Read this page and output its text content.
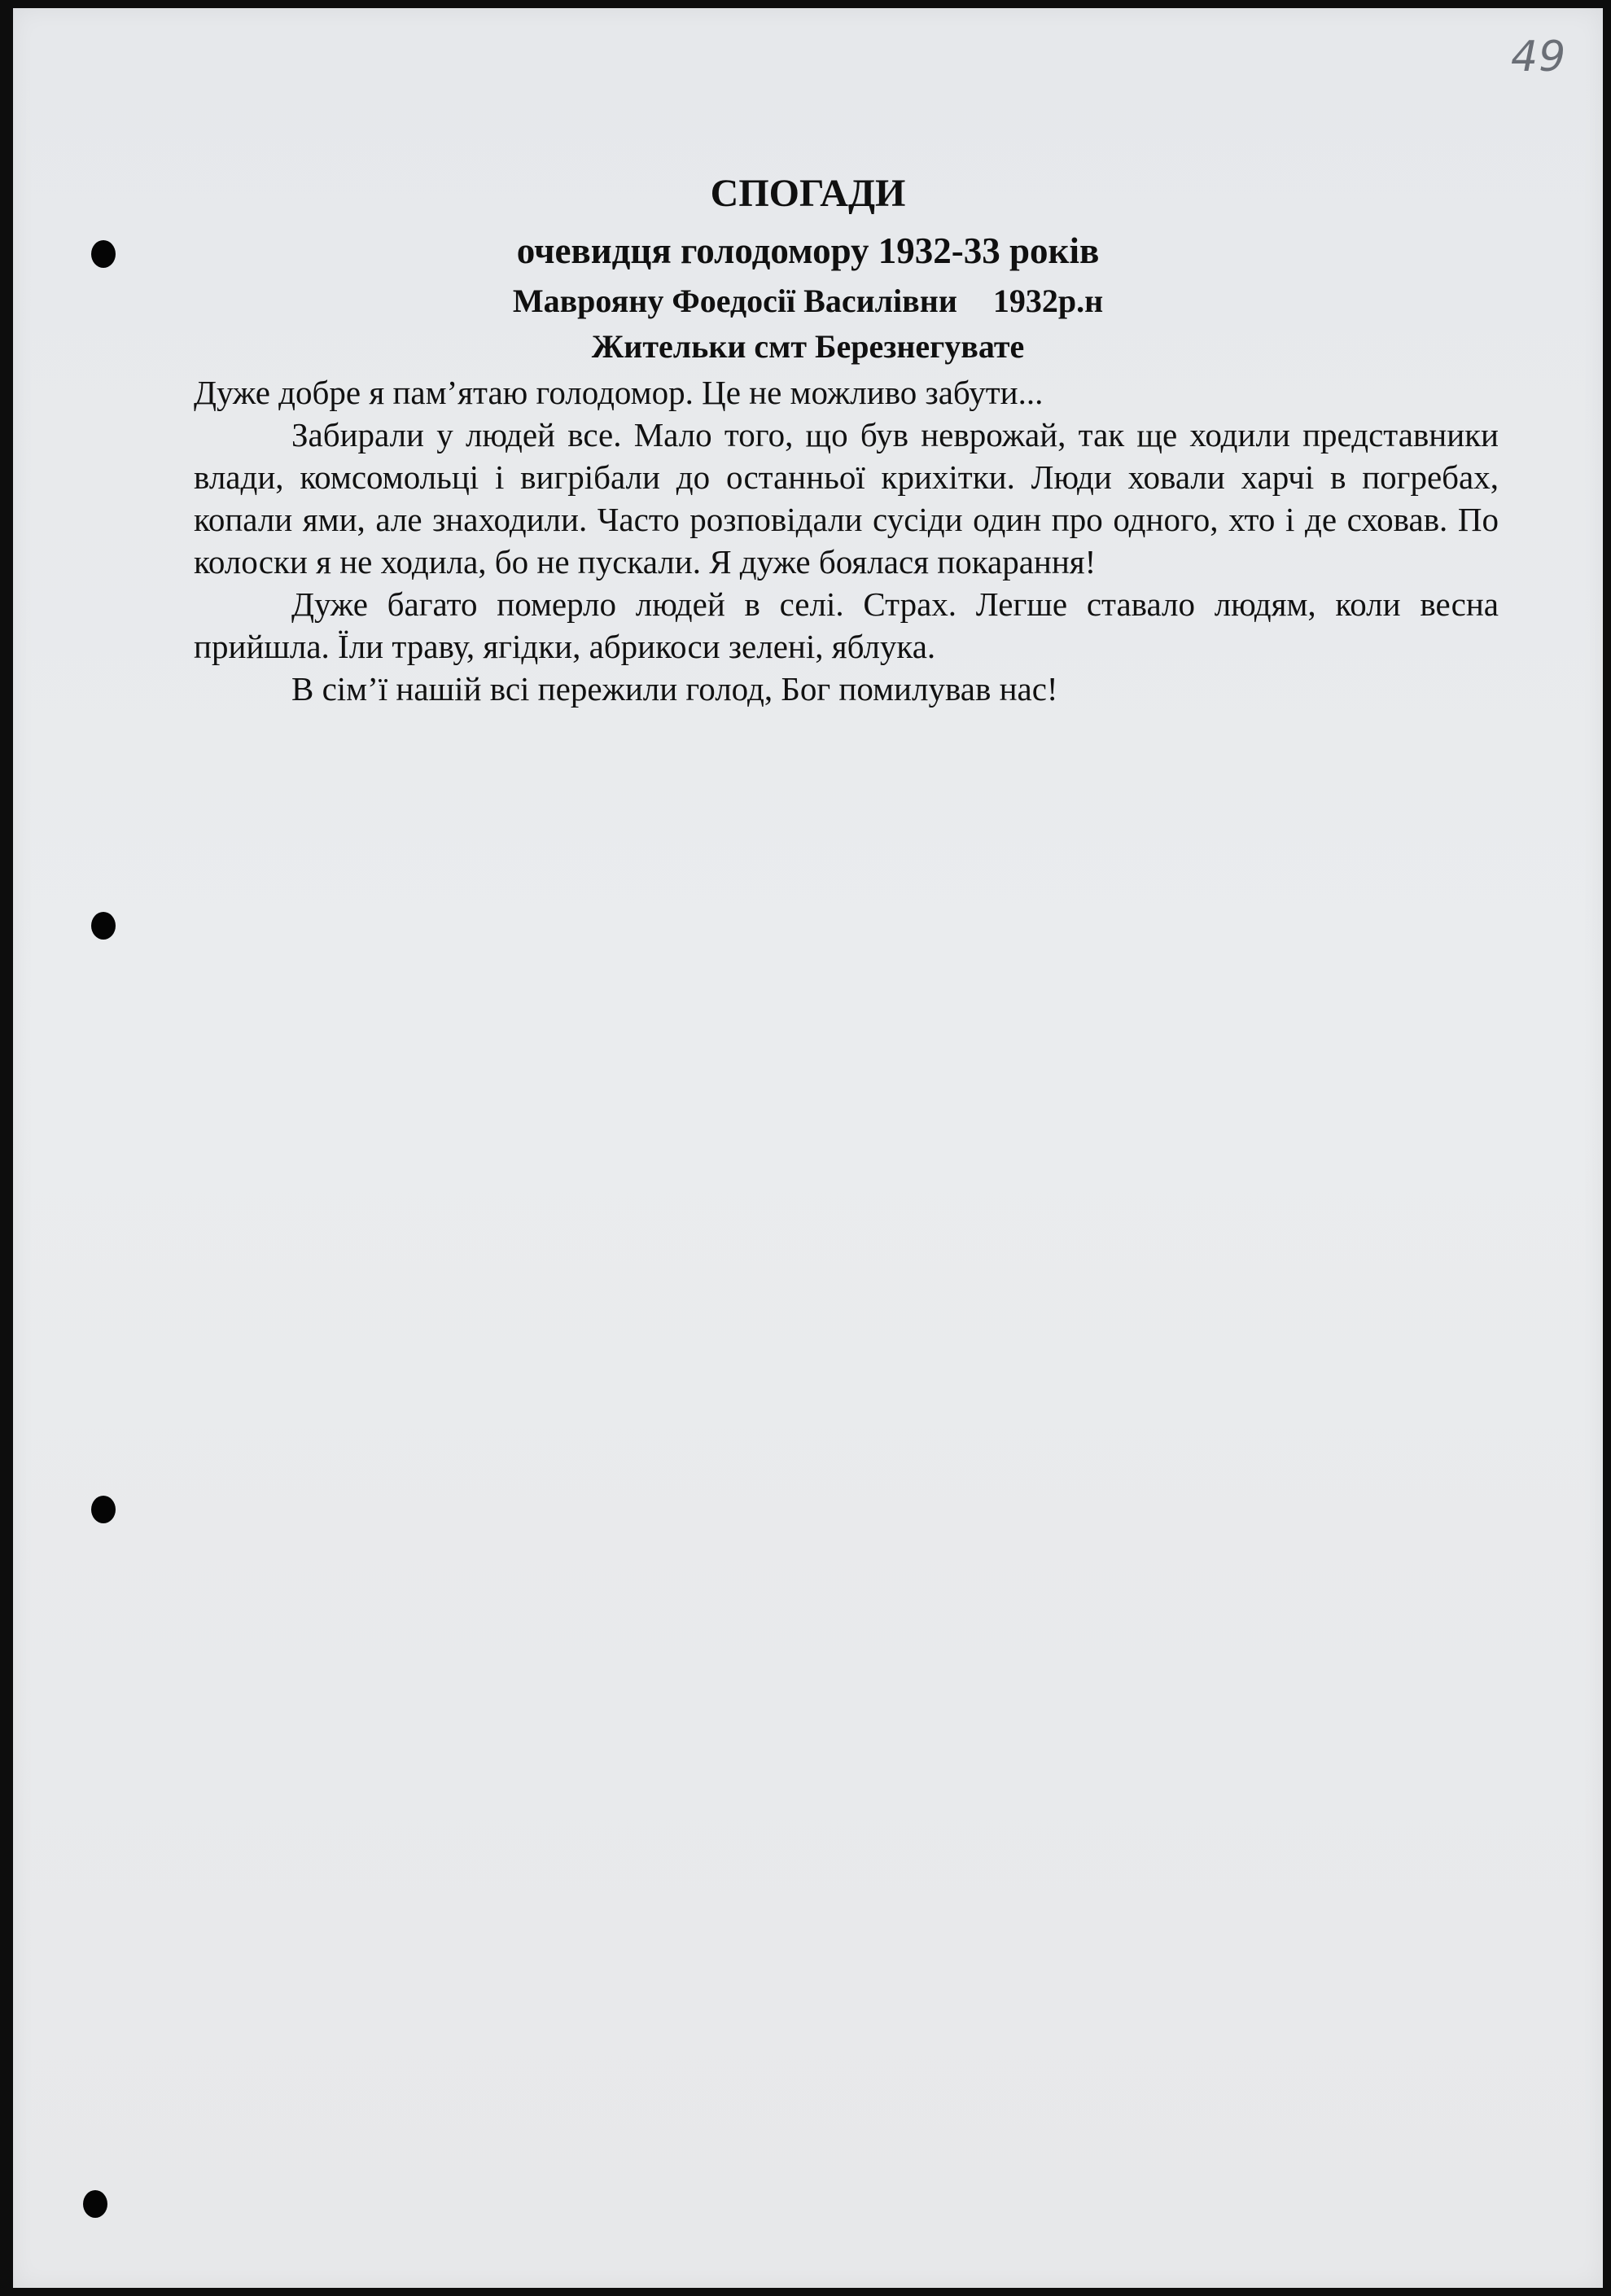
49
СПОГАДИ
очевидця голодомору 1932-33 років
Маврояну Фоедосії Василівни 1932р.н
Жительки смт Березнегувате

Дуже добре я пам’ятаю голодомор. Це не можливо забути...

Забирали у людей все. Мало того, що був неврожай, так ще ходили представники влади, комсомольці і вигрібали до останньої крихітки. Люди ховали харчі в погребах, копали ями, але знаходили. Часто розповідали сусіди один про одного, хто і де сховав. По колоски я не ходила, бо не пускали. Я дуже боялася покарання!

Дуже багато померло людей в селі. Страх. Легше ставало людям, коли весна прийшла. Їли траву, ягідки, абрикоси зелені, яблука.

В сім’ї нашій всі пережили голод, Бог помилував нас!
